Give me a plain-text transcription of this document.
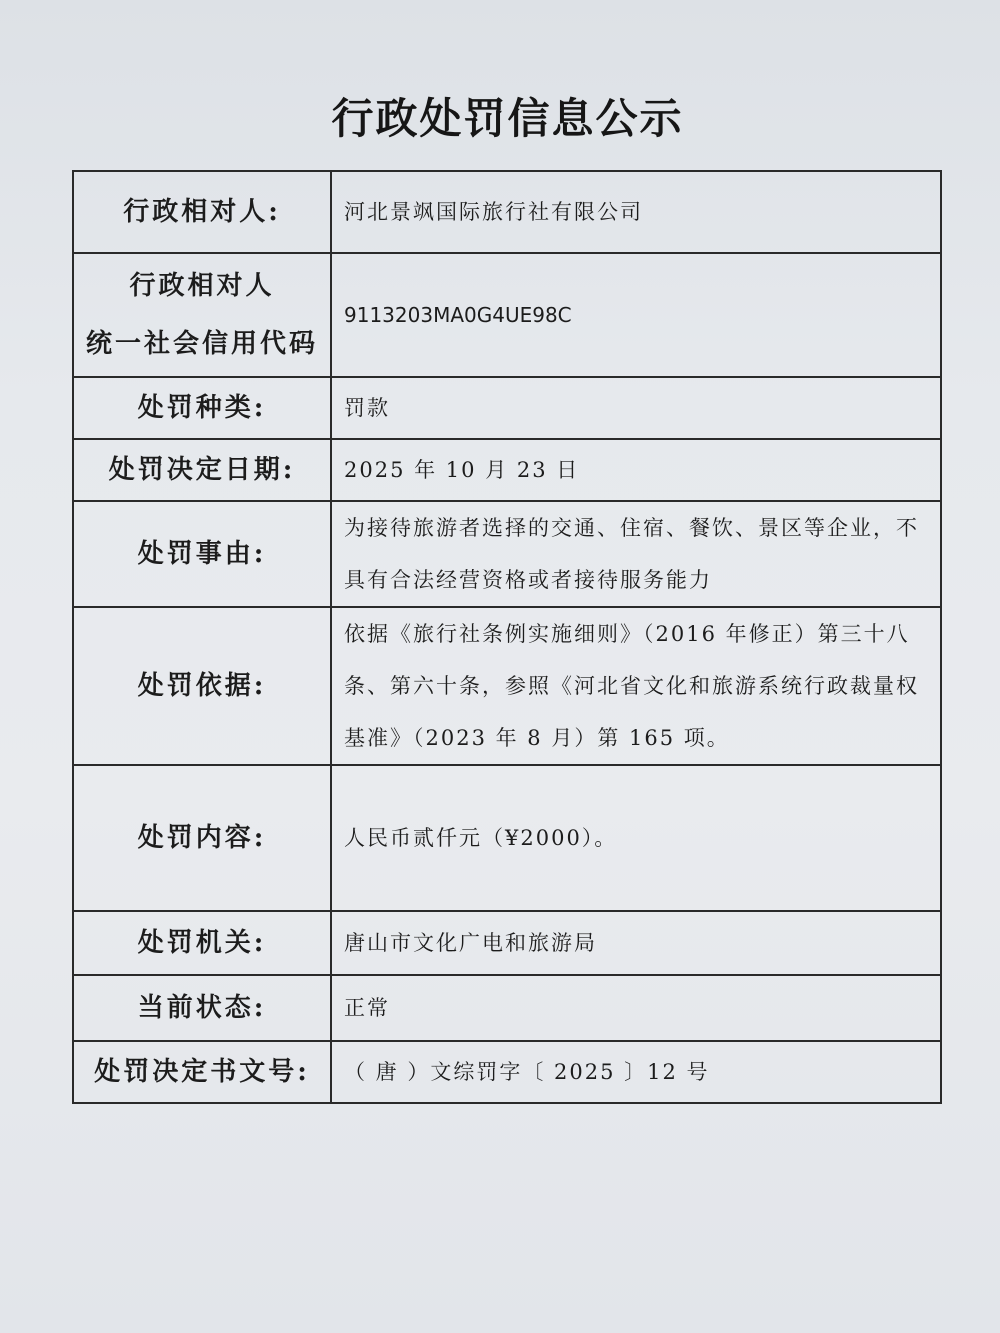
行政处罚信息公示
行政相对人:	河北景飒国际旅行社有限公司

行政相对人
统一社会信用代码	9113203MA0G4UE98C
处罚种类:	罚款
处罚决定日期:	2025 年 10 月 23 日
处罚事由:	为接待旅游者选择的交通、住宿、餐饮、景区等企业，不具有合法经营资格或者接待服务能力
处罚依据:	依据《旅行社条例实施细则》（2016 年修正）第三十八条、第六十条，参照《河北省文化和旅游系统行政裁量权基准》（2023 年 8 月）第 165 项。
处罚内容:	人民币贰仟元（¥2000）。
处罚机关:	唐山市文化广电和旅游局
当前状态:	正常
处罚决定书文号:	（ 唐 ）文综罚字〔 2025 〕12 号
